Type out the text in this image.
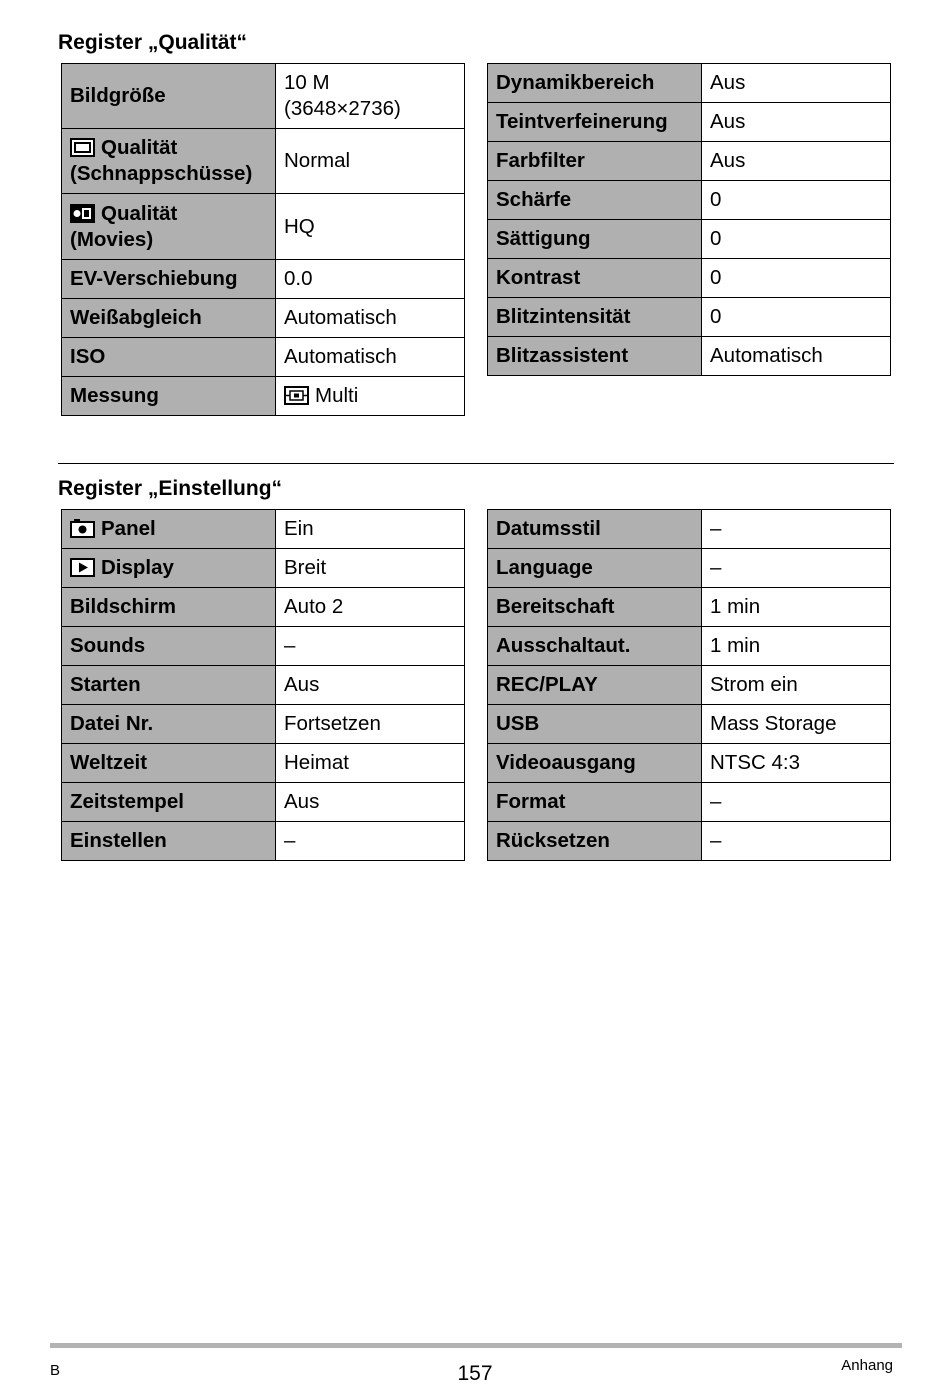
Register „Qualität“
Bildgröße	10 M
(3648×2736)

Qualität
(Schnappschüsse)	Normal

Qualität
(Movies)	HQ
EV-Verschiebung	0.0
Weißabgleich	Automatisch
ISO	Automatisch
Messung	Multi
Dynamikbereich	Aus
Teintverfeinerung	Aus
Farbfilter	Aus
Schärfe	0
Sättigung	0
Kontrast	0
Blitzintensität	0
Blitzassistent	Automatisch
Register „Einstellung“
Panel	Ein

Display	Breit
Bildschirm	Auto 2
Sounds	–
Starten	Aus
Datei Nr.	Fortsetzen
Weltzeit	Heimat
Zeitstempel	Aus
Einstellen	–
Datumsstil	–
Language	–
Bereitschaft	1 min
Ausschaltaut.	1 min
REC/PLAY	Strom ein
USB	Mass Storage
Videoausgang	NTSC 4:3
Format	–
Rücksetzen	–
B	157	Anhang
